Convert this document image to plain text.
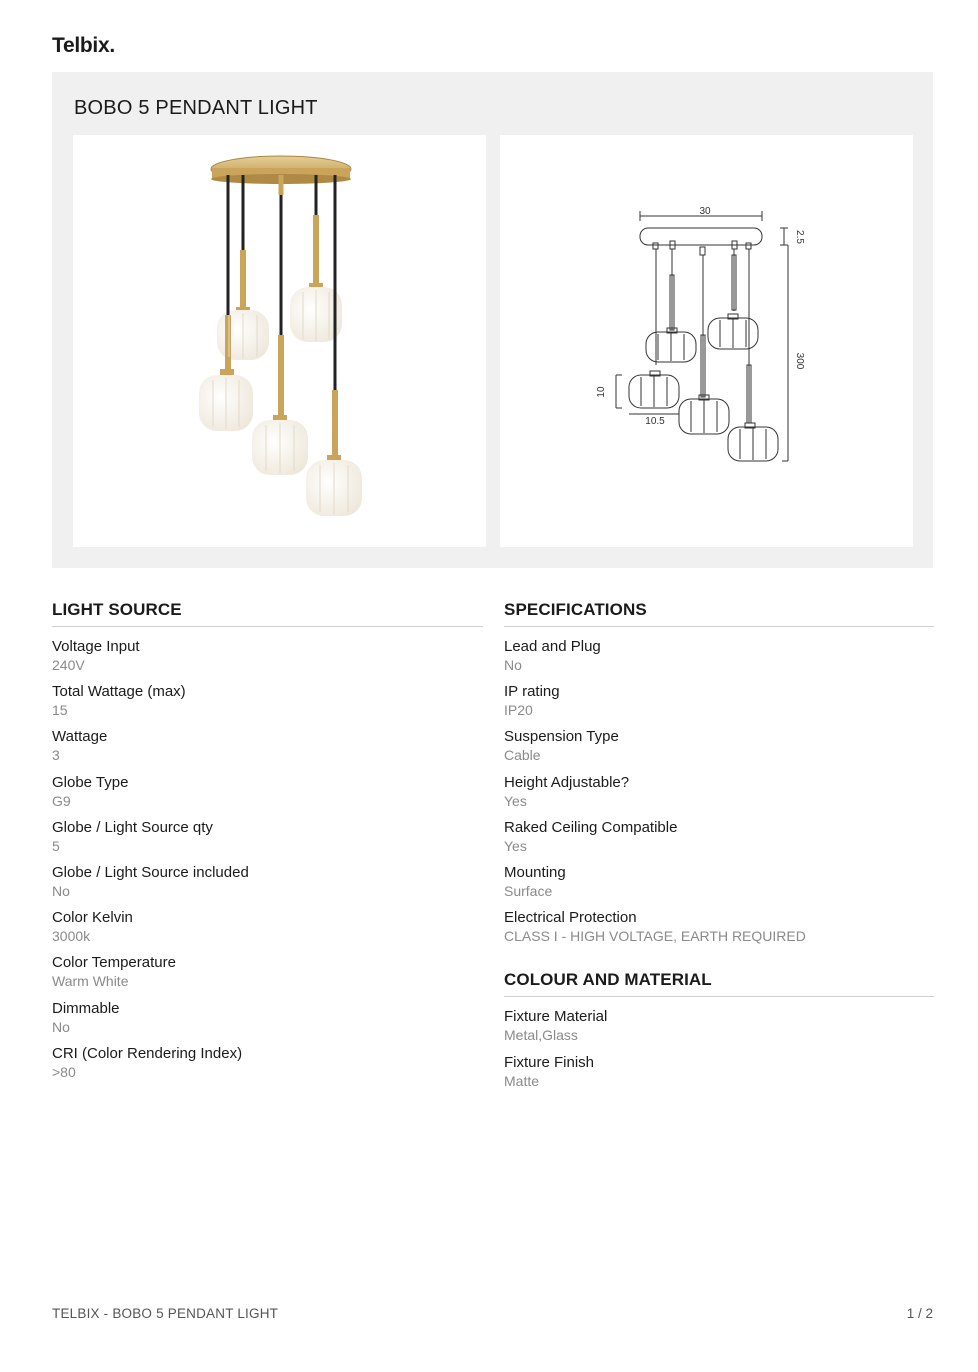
Telbix.
BOBO 5 PENDANT LIGHT
30
2.5
300
10
10.5
LIGHT SOURCE
Voltage Input
240V
Total Wattage (max)
15
Wattage
3
Globe Type
G9
Globe / Light Source qty
5
Globe / Light Source included
No
Color Kelvin
3000k
Color Temperature
Warm White
Dimmable
No
CRI (Color Rendering Index)
>80
SPECIFICATIONS
Lead and Plug
No
IP rating
IP20
Suspension Type
Cable
Height Adjustable?
Yes
Raked Ceiling Compatible
Yes
Mounting
Surface
Electrical Protection
CLASS I - HIGH VOLTAGE, EARTH REQUIRED
COLOUR AND MATERIAL
Fixture Material
Metal,Glass
Fixture Finish
Matte
TELBIX - BOBO 5 PENDANT LIGHT	1 / 2
